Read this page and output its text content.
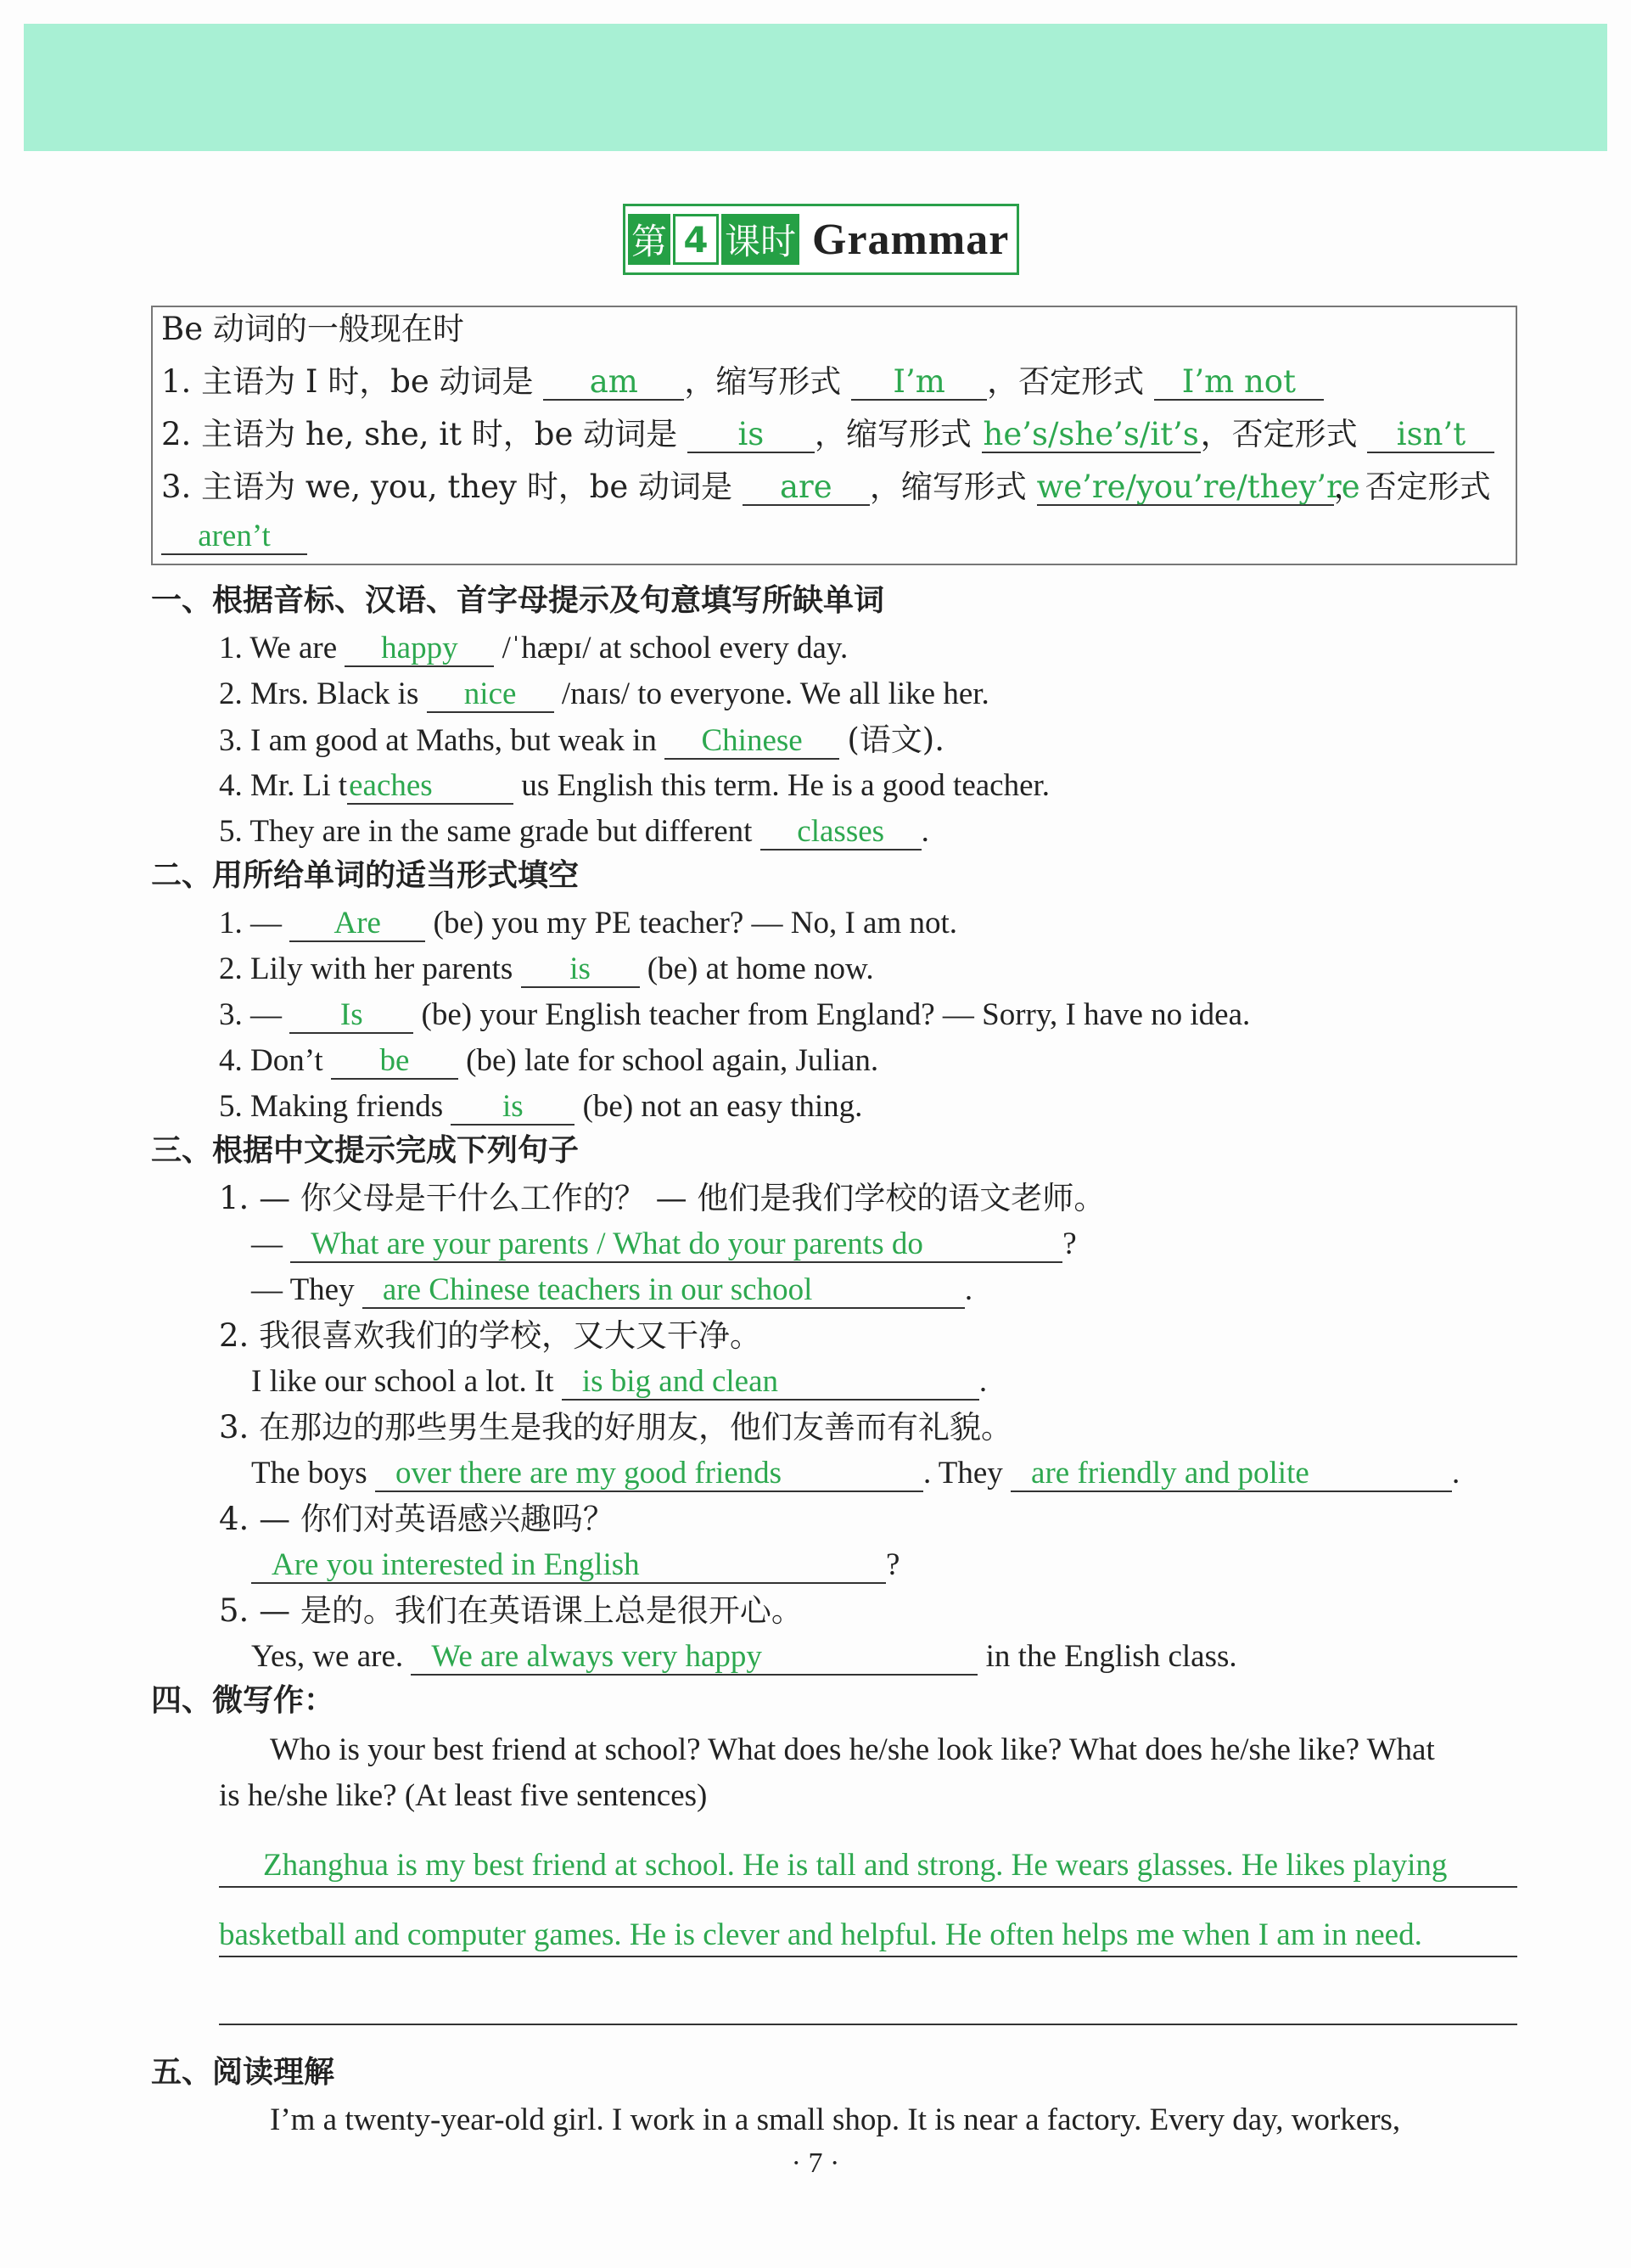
第 4 课时 Grammar
Be 动词的一般现在时
1. 主语为 I 时，be 动词是 am ，缩写形式 I’m ，否定形式 I’m not
2. 主语为 he, she, it 时，be 动词是 is ，缩写形式 he’s/she’s/it’s，否定形式 isn’t
3. 主语为 we, you, they 时，be 动词是 are ，缩写形式 we’re/you’re/they’re，否定形式
aren’t
一、根据音标、汉语、首字母提示及句意填写所缺单词
1. We are happy /ˈhæpɪ/ at school every day.
2. Mrs. Black is nice /naɪs/ to everyone. We all like her.
3. I am good at Maths, but weak in Chinese (语文).
4. Mr. Li teaches	us English this term. He is a good teacher.
5. They are in the same grade but different classes .
二、用所给单词的适当形式填空
1. — Are (be) you my PE teacher? — No, I am not.
2. Lily with her parents is (be) at home now.
3. — Is (be) your English teacher from England? — Sorry, I have no idea.
4. Don’t be (be) late for school again, Julian.
5. Making friends is (be) not an easy thing.
三、根据中文提示完成下列句子
1. — 你父母是干什么工作的？ — 他们是我们学校的语文老师。
— What are your parents / What do your parents do	?
— They are Chinese teachers in our school	.
2. 我很喜欢我们的学校，又大又干净。
I like our school a lot. It is big and clean	.
3. 在那边的那些男生是我的好朋友，他们友善而有礼貌。
The boys over there are my good friends	. They are friendly and polite	.
4. — 你们对英语感兴趣吗？
Are you interested in English	?
5. — 是的。我们在英语课上总是很开心。
Yes, we are. We are always very happy	in the English class.
四、微写作：
Who is your best friend at school? What does he/she look like? What does he/she like? What
is he/she like? (At least five sentences)
Zhanghua is my best friend at school. He is tall and strong. He wears glasses. He likes playing
basketball and computer games. He is clever and helpful. He often helps me when I am in need.
五、阅读理解
I’m a twenty-year-old girl. I work in a small shop. It is near a factory. Every day, workers,
· 7 ·
